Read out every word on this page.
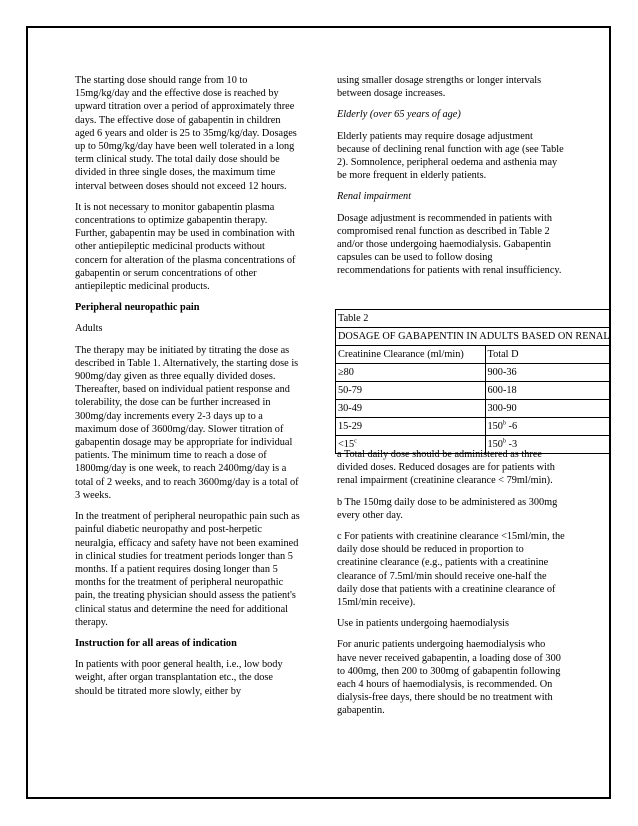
The starting dose should range from 10 to 15mg/kg/day and the effective dose is reached by upward titration over a period of approximately three days. The effective dose of gabapentin in children aged 6 years and older is 25 to 35mg/kg/day. Dosages up to 50mg/kg/day have been well tolerated in a long term clinical study. The total daily dose should be divided in three single doses, the maximum time interval between doses should not exceed 12 hours.

It is not necessary to monitor gabapentin plasma concentrations to optimize gabapentin therapy. Further, gabapentin may be used in combination with other antiepileptic medicinal products without concern for alteration of the plasma concentrations of gabapentin or serum concentrations of other antiepileptic medicinal products.

Peripheral neuropathic pain

Adults

The therapy may be initiated by titrating the dose as described in Table 1. Alternatively, the starting dose is 900mg/day given as three equally divided doses. Thereafter, based on individual patient response and tolerability, the dose can be further increased in 300mg/day increments every 2-3 days up to a maximum dose of 3600mg/day. Slower titration of gabapentin dosage may be appropriate for individual patients. The minimum time to reach a dose of 1800mg/day is one week, to reach 2400mg/day is a total of 2 weeks, and to reach 3600mg/day is a total of 3 weeks.

In the treatment of peripheral neuropathic pain such as painful diabetic neuropathy and post-herpetic neuralgia, efficacy and safety have not been examined in clinical studies for treatment periods longer than 5 months. If a patient requires dosing longer than 5 months for the treatment of peripheral neuropathic pain, the treating physician should assess the patient's clinical status and determine the need for additional therapy.

Instruction for all areas of indication

In patients with poor general health, i.e., low body weight, after organ transplantation etc., the dose should be titrated more slowly, either by

using smaller dosage strengths or longer intervals between dosage increases.

Elderly (over 65 years of age)

Elderly patients may require dosage adjustment because of declining renal function with age (see Table 2). Somnolence, peripheral oedema and asthenia may be more frequent in elderly patients.

Renal impairment

Dosage adjustment is recommended in patients with compromised renal function as described in Table 2 and/or those undergoing haemodialysis. Gabapentin capsules can be used to follow dosing recommendations for patients with renal insufficiency.

Table 2	
DOSAGE OF GABAPENTIN IN ADULTS BASED ON RENAL	
Creatinine Clearance (ml/min)	Total D
≥80	900-36
50-79	600-18
30-49	300-90
15-29	150$^b$ -6
$<15^c$	150$^b$ -3

a Total daily dose should be administered as three divided doses. Reduced dosages are for patients with renal impairment (creatinine clearance < 79ml/min).

b The 150mg daily dose to be administered as 300mg every other day.

c For patients with creatinine clearance <15ml/min, the daily dose should be reduced in proportion to creatinine clearance (e.g., patients with a creatinine clearance of 7.5ml/min should receive one-half the daily dose that patients with a creatinine clearance of 15ml/min receive).

Use in patients undergoing haemodialysis

For anuric patients undergoing haemodialysis who have never received gabapentin, a loading dose of 300 to 400mg, then 200 to 300mg of gabapentin following each 4 hours of haemodialysis, is recommended. On dialysis-free days, there should be no treatment with gabapentin.
